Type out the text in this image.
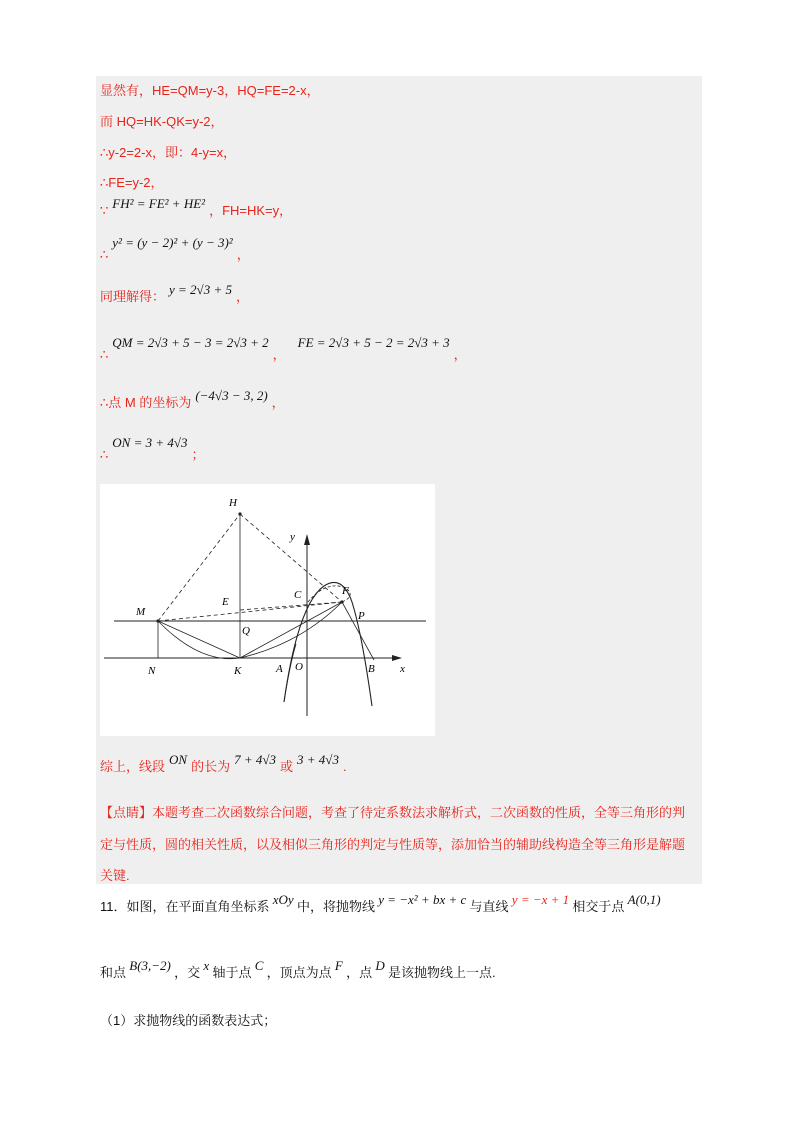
显然有，HE=QM=y-3，HQ=FE=2-x，
而 HQ=HK-QK=y-2，
∴y-2=2-x，即：4-y=x，
∴FE=y-2，
∵ $^{FH^2 = FE^2 + HE^2}$ ，FH=HK=y，
$_\therefore$ y² = (y − 2)² + (y − 3)² $_,$
同理解得： $^{y = 2√3 + 5}$ ，
$_\therefore$ QM = 2√3 + 5 − 3 = 2√3 + 2 $_,$ FE = 2√3 + 5 − 2 = 2√3 + 3 $_,$
∴点 M 的坐标为 $^{(-4√3 - 3, 2)}$ ，
$_\therefore$ ON = 3 + 4√3 $_;$
H
y
M
E
C	F
P
Q
N	K	A O	B x
综上，线段 $^{ON}$ 的长为 $^{7 + 4√3}$ 或 $^{3 + 4√3}$ .
【点睛】本题考查二次函数综合问题，考查了待定系数法求解析式，二次函数的性质，全等三角形的判定与性质，圆的相关性质，以及相似三角形的判定与性质等，添加恰当的辅助线构造全等三角形是解题关键.
11．如图，在平面直角坐标系 xOy 中，将抛物线 y = −x² + bx + c 与直线 y = −x + 1 相交于点 A(0,1)
和点 B(3,−2) ，交 x 轴于点 C ，顶点为点 F ，点 D 是该抛物线上一点.
（1）求抛物线的函数表达式；
